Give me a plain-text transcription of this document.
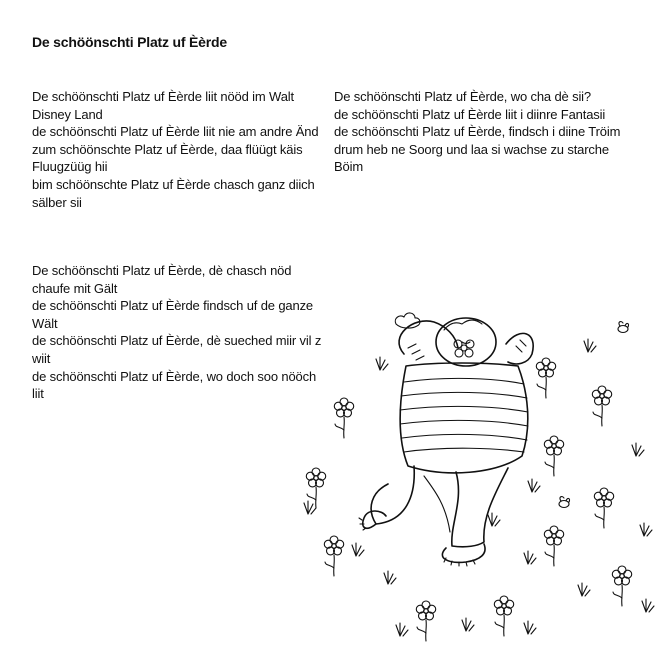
De schöönschti Platz uf Èèrde
De schöönschti Platz uf Èèrde liit nööd im Walt Disney Land
de schöönschti Platz uf Èèrde liit nie am andre Änd
zum schöönschte Platz uf Èèrde, daa flüügt käis Fluugzüüg hii
bim schöönschte Platz uf Èèrde chasch ganz diich sälber sii
De schöönschti Platz uf Èèrde, wo cha dè sii?
de schöönschti Platz uf Èèrde liit i diinre Fantasii
de schöönschti Platz uf Èèrde, findsch i diine Tröim
drum heb ne Soorg und laa si wachse zu starche Böim
De schöönschti Platz uf Èèrde, dè chasch nöd chaufe mit Gält
de schöönschti Platz uf Èèrde findsch uf de ganze Wält
de schöönschti Platz uf Èèrde, dè sueched miir vil z wiit
de schöönschti Platz uf Èèrde, wo doch soo nööch liit
